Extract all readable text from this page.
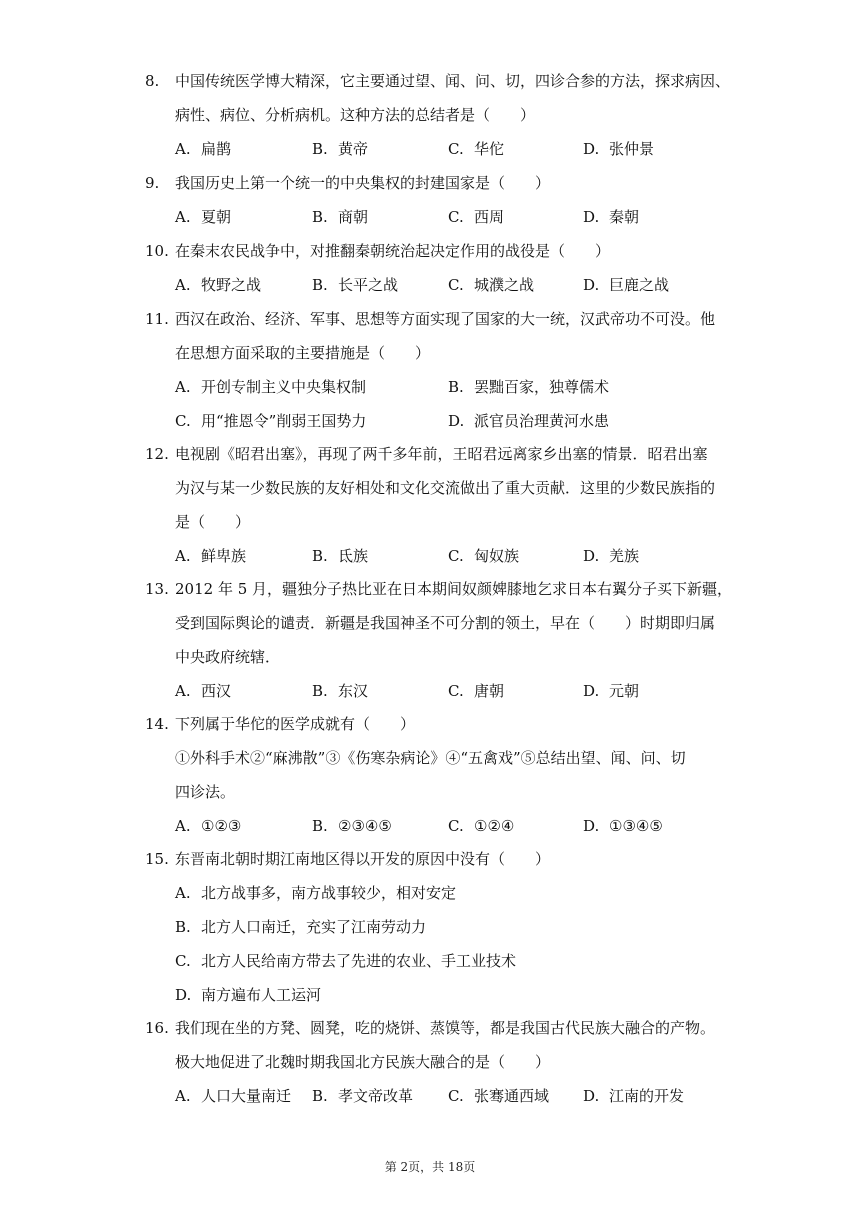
8. 中国传统医学博大精深，它主要通过望、闻、问、切，四诊合参的方法，探求病因、
病性、病位、分析病机。这种方法的总结者是（　　）
A. 扁鹊	B. 黄帝	C. 华佗	D. 张仲景
9. 我国历史上第一个统一的中央集权的封建国家是（　　）
A. 夏朝	B. 商朝	C. 西周	D. 秦朝
10. 在秦末农民战争中，对推翻秦朝统治起决定作用的战役是（　　）
A. 牧野之战	B. 长平之战	C. 城濮之战	D. 巨鹿之战
11. 西汉在政治、经济、军事、思想等方面实现了国家的大一统，汉武帝功不可没。他
在思想方面采取的主要措施是（　　）
A. 开创专制主义中央集权制	B. 罢黜百家，独尊儒术
C. 用“推恩令”削弱王国势力	D. 派官员治理黄河水患
12. 电视剧《昭君出塞》，再现了两千多年前，王昭君远离家乡出塞的情景．昭君出塞
为汉与某一少数民族的友好相处和文化交流做出了重大贡献．这里的少数民族指的
是（　　）
A. 鲜卑族	B. 氐族	C. 匈奴族	D. 羌族
13. 2012 年 5 月，疆独分子热比亚在日本期间奴颜婢膝地乞求日本右翼分子买下新疆，
受到国际舆论的谴责．新疆是我国神圣不可分割的领土，早在（　　）时期即归属
中央政府统辖．
A. 西汉	B. 东汉	C. 唐朝	D. 元朝
14. 下列属于华佗的医学成就有（　　）
①外科手术②“麻沸散”③《伤寒杂病论》④“五禽戏”⑤总结出望、闻、问、切
四诊法。
A. ①②③	B. ②③④⑤	C. ①②④	D. ①③④⑤
15. 东晋南北朝时期江南地区得以开发的原因中没有（　　）
A. 北方战事多，南方战事较少，相对安定
B. 北方人口南迁，充实了江南劳动力
C. 北方人民给南方带去了先进的农业、手工业技术
D. 南方遍布人工运河
16. 我们现在坐的方凳、圆凳，吃的烧饼、蒸馍等，都是我国古代民族大融合的产物。
极大地促进了北魏时期我国北方民族大融合的是（　　）
A. 人口大量南迁 B. 孝文帝改革 C. 张骞通西域 D. 江南的开发
第 2页，共 18页
